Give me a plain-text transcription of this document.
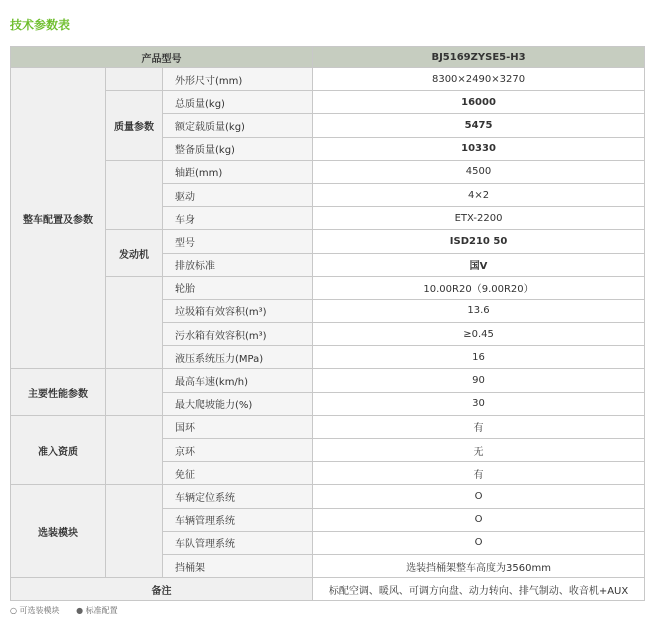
技术参数表
产品型号			BJ5169ZYSE5-H3
整车配置及参数		外形尺寸(mm)	8300×2490×3270
	质量参数	总质量(kg)	16000
		额定载质量(kg)	5475
		整备质量(kg)	10330
		轴距(mm)	4500
		驱动	4×2
		车身	ETX-2200
	发动机	型号	ISD210 50
		排放标准	国Ⅴ
		轮胎	10.00R20（9.00R20）
		垃圾箱有效容积(m³)	13.6
		污水箱有效容积(m³)	≥0.45
		液压系统压力(MPa)	16
主要性能参数		最高车速(km/h)	90
		最大爬坡能力(%)	30
准入资质		国环	有
		京环	无
		免征	有
选装模块		车辆定位系统	O
		车辆管理系统	O
		车队管理系统	O
		挡桶架	选装挡桶架整车高度为3560mm
备注			标配空调、暖风、可调方向盘、动力转向、排气制动、收音机+AUX
○ 可选装模块 ● 标准配置
